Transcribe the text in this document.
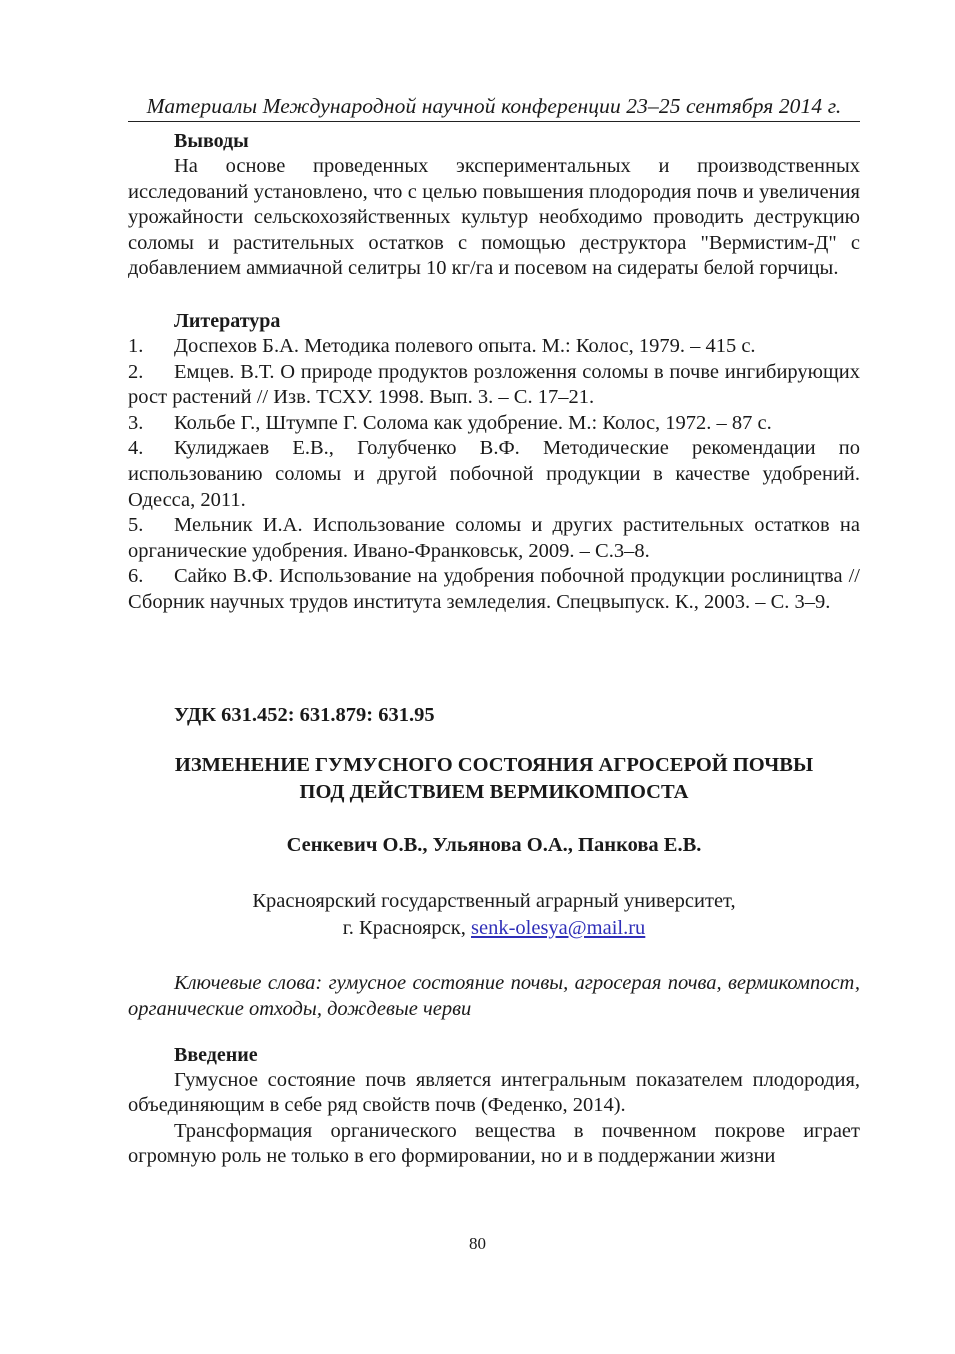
Материалы Международной научной конференции 23–25 сентября 2014 г.
Выводы

На основе проведенных экспериментальных и производственных исследований установлено, что с целью повышения плодородия почв и увеличения урожайности сельскохозяйственных культур необходимо проводить деструкцию соломы и растительных остатков с помощью деструктора "Вермистим-Д" с добавлением аммиачной селитры 10 кг/га и посевом на сидераты белой горчицы.

Литература
1. Доспехов Б.А. Методика полевого опыта. М.: Колос, 1979. – 415 с.
2. Емцев. В.Т. О природе продуктов розложення соломы в почве ингибирующих рост растений // Изв. ТСХУ. 1998. Вып. 3. – С. 17–21.
3. Кольбе Г., Штумпе Г. Солома как удобрение. М.: Колос, 1972. – 87 с.
4. Кулиджаев Е.В., Голубченко В.Ф. Методические рекомендации по использованию соломы и другой побочной продукции в качестве удобрений. Одесса, 2011.
5. Мельник И.А. Использование соломы и других растительных остатков на органические удобрения. Ивано-Франковськ, 2009. – С.3–8.
6. Сайко В.Ф. Использование на удобрения побочной продукции рослиництва // Сборник научных трудов института земледелия. Спецвыпуск. К., 2003. – С. 3–9.
УДК 631.452: 631.879: 631.95
ИЗМЕНЕНИЕ ГУМУСНОГО СОСТОЯНИЯ АГРОСЕРОЙ ПОЧВЫ
ПОД ДЕЙСТВИЕМ ВЕРМИКОМПОСТА
Сенкевич О.В., Ульянова О.А., Панкова Е.В.
Красноярский государственный аграрный университет,
г. Красноярск, senk-olesya@mail.ru

Ключевые слова: гумусное состояние почвы, агросерая почва, вермикомпост, органические отходы, дождевые черви

Введение

Гумусное состояние почв является интегральным показателем плодородия, объединяющим в себе ряд свойств почв (Феденко, 2014).

Трансформация органического вещества в почвенном покрове играет огромную роль не только в его формировании, но и в поддержании жизни

80
